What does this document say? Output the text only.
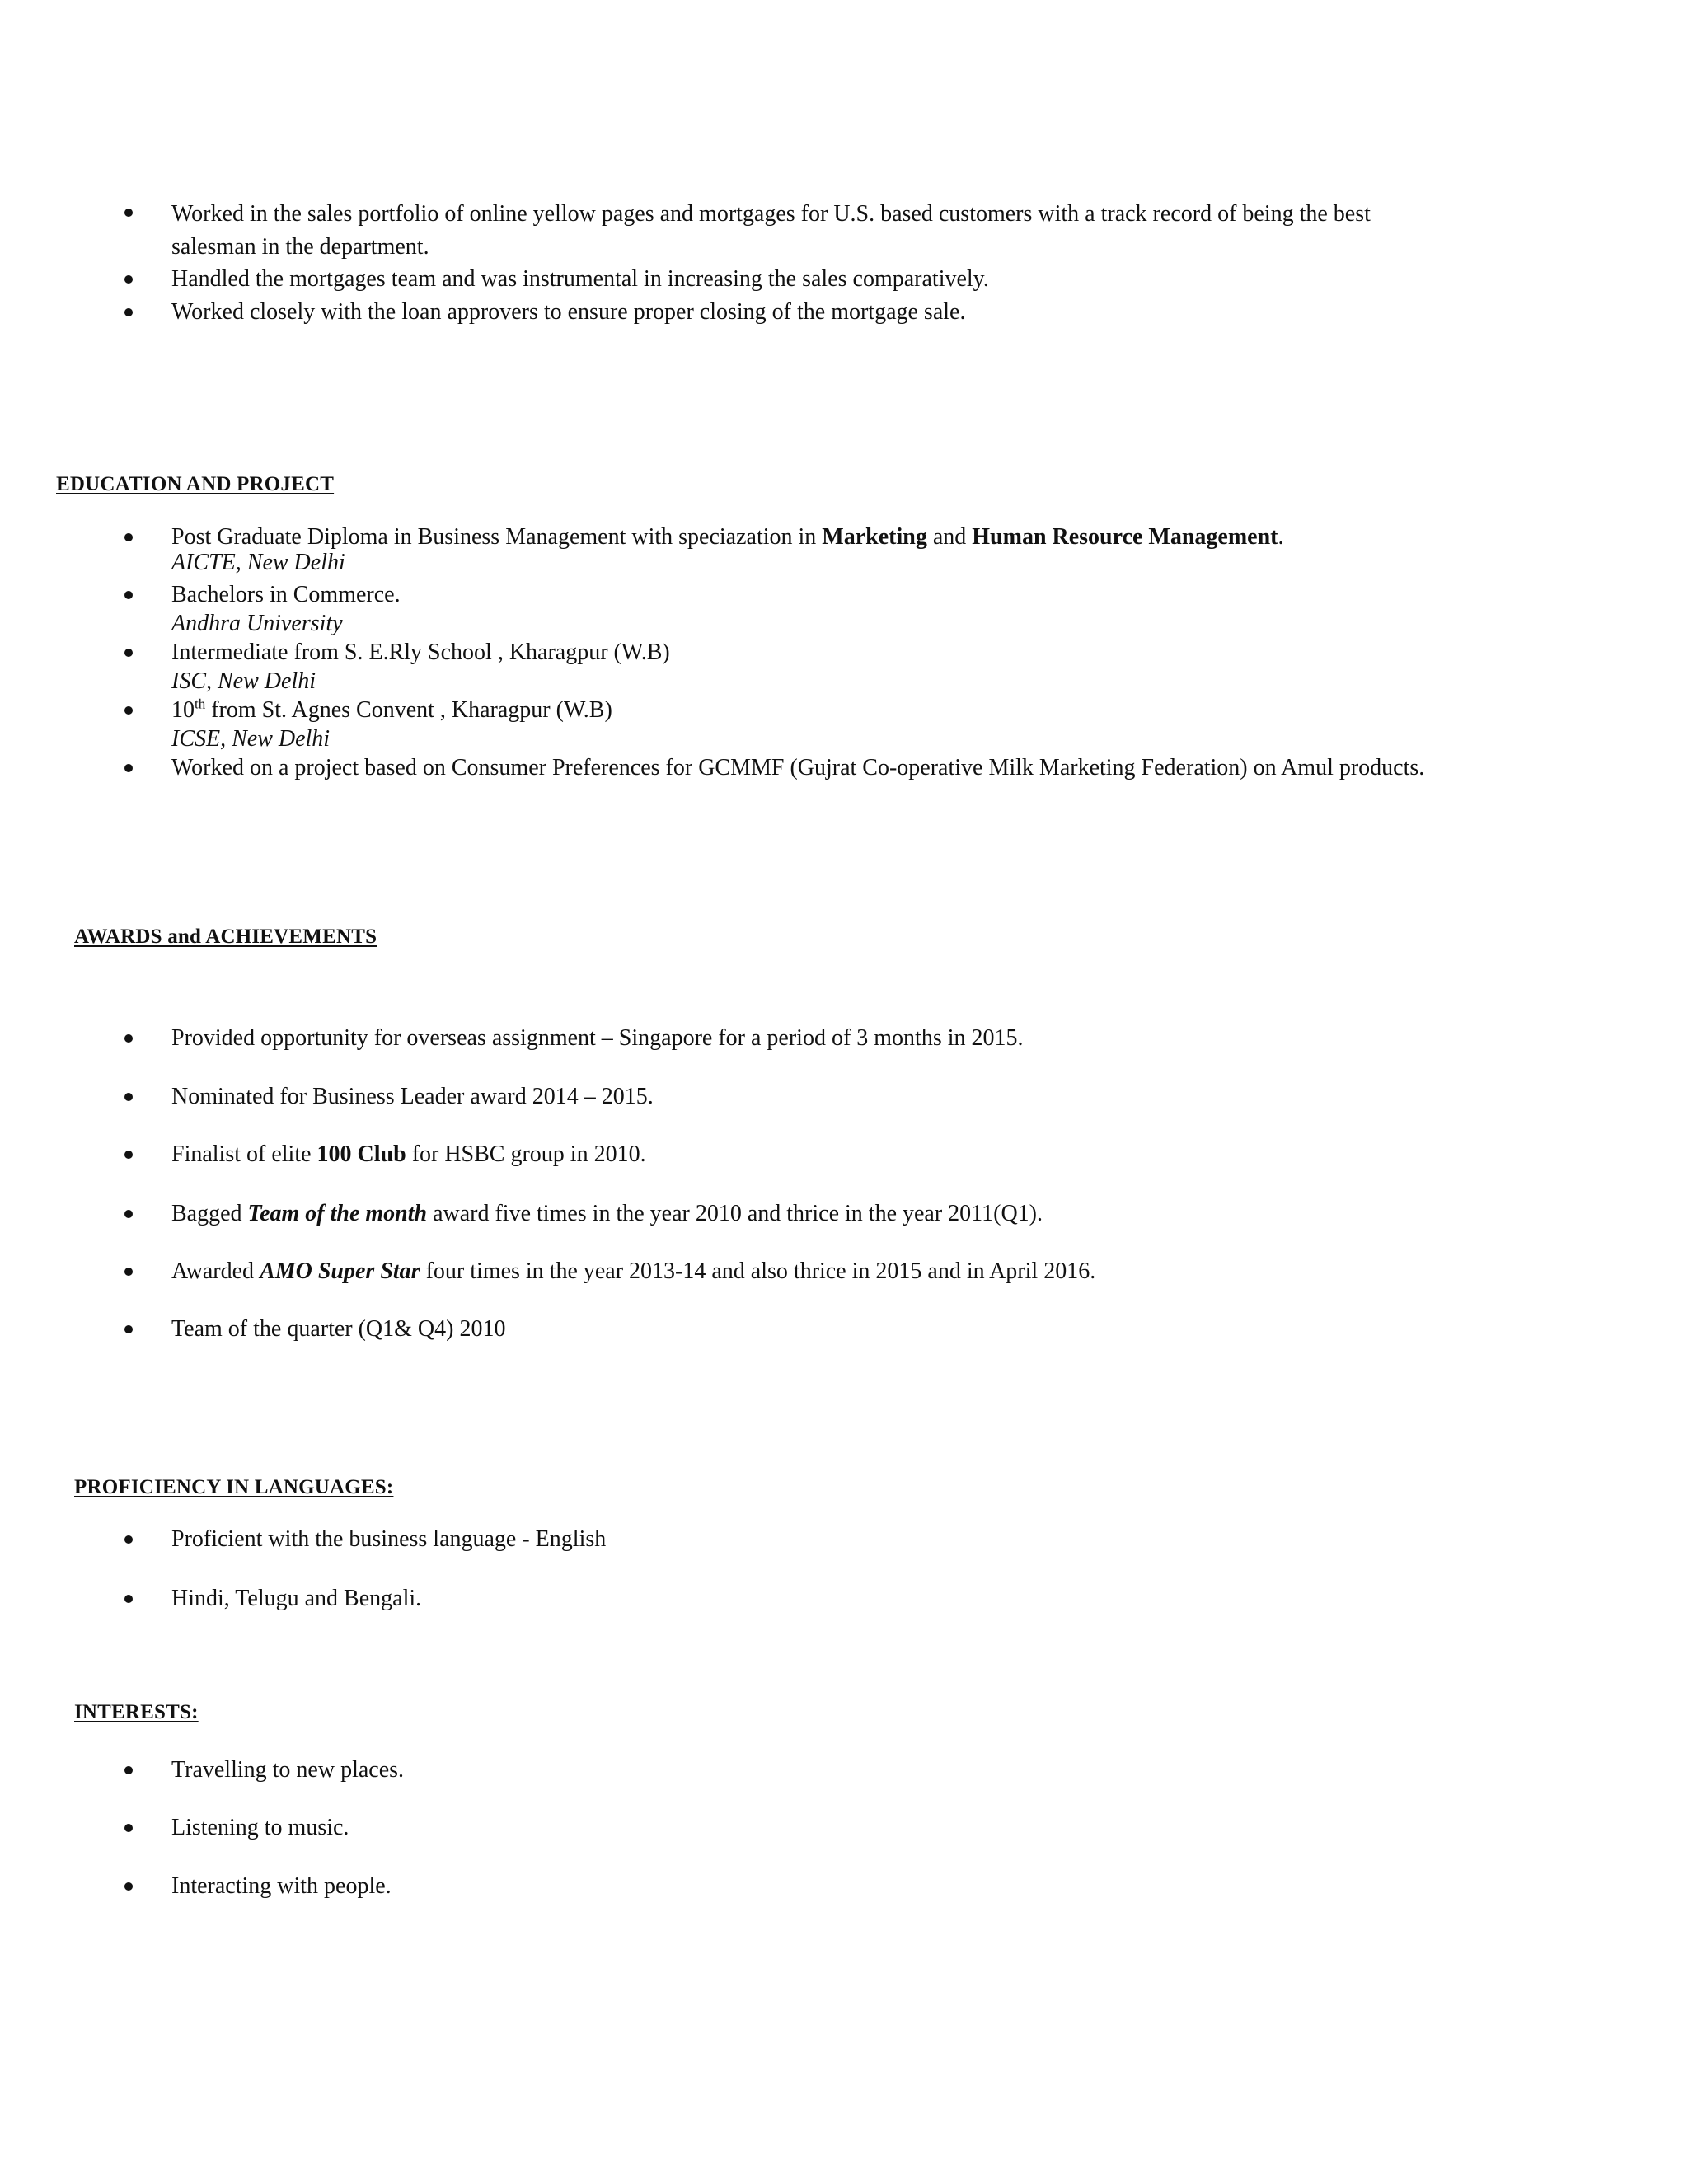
Worked in the sales portfolio of online yellow pages and mortgages for U.S. based customers with a track record of being the best salesman in the department.
Handled the mortgages team and was instrumental in increasing the sales comparatively.
Worked closely with the loan approvers to ensure proper closing of the mortgage sale.
EDUCATION AND PROJECT
Post Graduate Diploma in Business Management with speciazation in Marketing and Human Resource Management.
AICTE, New Delhi
Bachelors in Commerce.
Andhra University
Intermediate from S. E.Rly School , Kharagpur (W.B)
ISC, New Delhi
10th from St. Agnes Convent , Kharagpur (W.B)
ICSE, New Delhi
Worked on a project based on Consumer Preferences for GCMMF (Gujrat Co-operative Milk Marketing Federation) on Amul products.
AWARDS and ACHIEVEMENTS
Provided opportunity for overseas assignment – Singapore for a period of 3 months in 2015.
Nominated for Business Leader award 2014 – 2015.
Finalist of elite 100 Club for HSBC group in 2010.
Bagged Team of the month award five times in the year 2010 and thrice in the year 2011(Q1).
Awarded AMO Super Star four times in the year 2013-14 and also thrice in 2015 and in April 2016.
Team of the quarter (Q1& Q4) 2010
PROFICIENCY IN LANGUAGES:
Proficient with the business language - English
Hindi, Telugu and Bengali.
INTERESTS:
Travelling to new places.
Listening to music.
Interacting with people.
